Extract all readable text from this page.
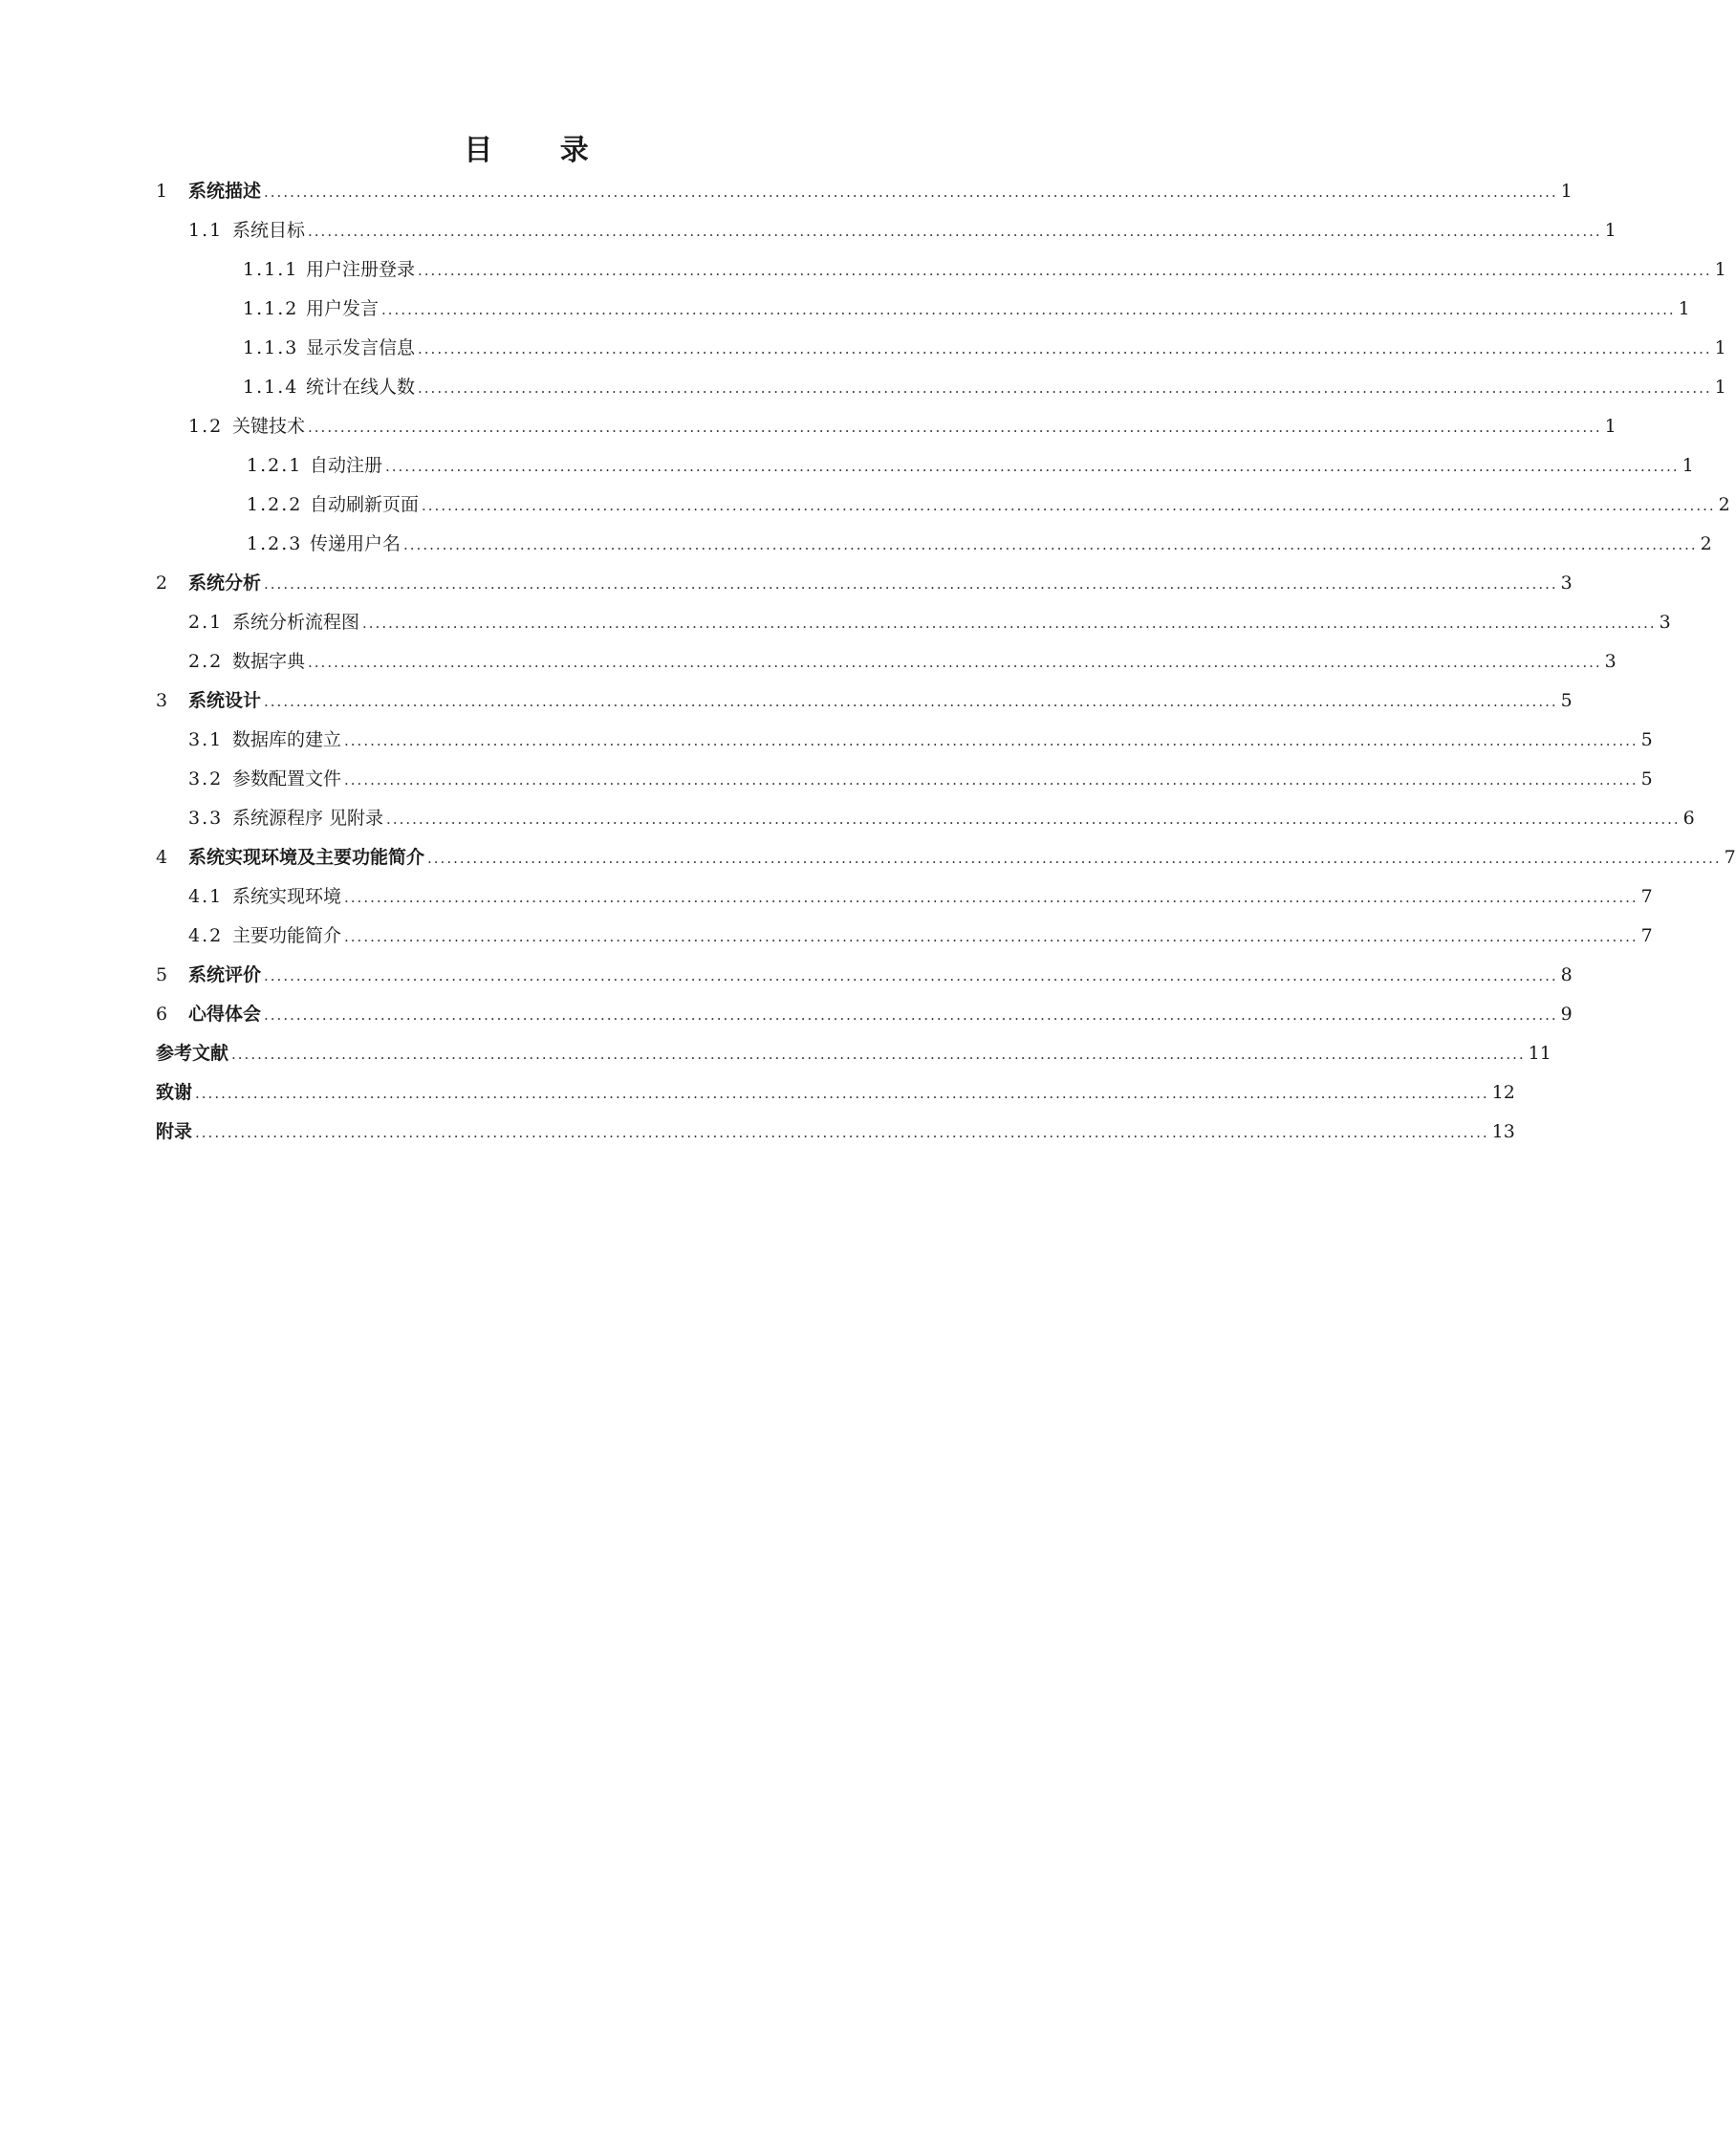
目 录
1	系统描述 ........................................................................................................................................................................................................ 1
1.1 系统目标 ........................................................................................................................................................................................................ 1
1.1.1 用户注册登录 ........................................................................................................................................................................................................ 1
1.1.2 用户发言 ........................................................................................................................................................................................................ 1
1.1.3 显示发言信息 ........................................................................................................................................................................................................ 1
1.1.4 统计在线人数 ........................................................................................................................................................................................................ 1
1.2 关键技术 ........................................................................................................................................................................................................ 1
1.2.1 自动注册 ........................................................................................................................................................................................................ 1
1.2.2 自动刷新页面 ........................................................................................................................................................................................................ 2
1.2.3 传递用户名 ........................................................................................................................................................................................................ 2
2	系统分析 ........................................................................................................................................................................................................ 3
2.1 系统分析流程图 ........................................................................................................................................................................................................ 3
2.2 数据字典 ........................................................................................................................................................................................................ 3
3	系统设计 ........................................................................................................................................................................................................ 5
3.1 数据库的建立 ........................................................................................................................................................................................................ 5
3.2 参数配置文件 ........................................................................................................................................................................................................ 5
3.3 系统源程序 见附录 ........................................................................................................................................................................................................ 6
4	系统实现环境及主要功能简介 ........................................................................................................................................................................................................ 7
4.1 系统实现环境 ........................................................................................................................................................................................................ 7
4.2 主要功能简介 ........................................................................................................................................................................................................ 7
5	系统评价 ........................................................................................................................................................................................................ 8
6	心得体会 ........................................................................................................................................................................................................ 9
参考文献 ........................................................................................................................................................................................................ 11
致谢 ........................................................................................................................................................................................................ 12
附录 ........................................................................................................................................................................................................ 13
